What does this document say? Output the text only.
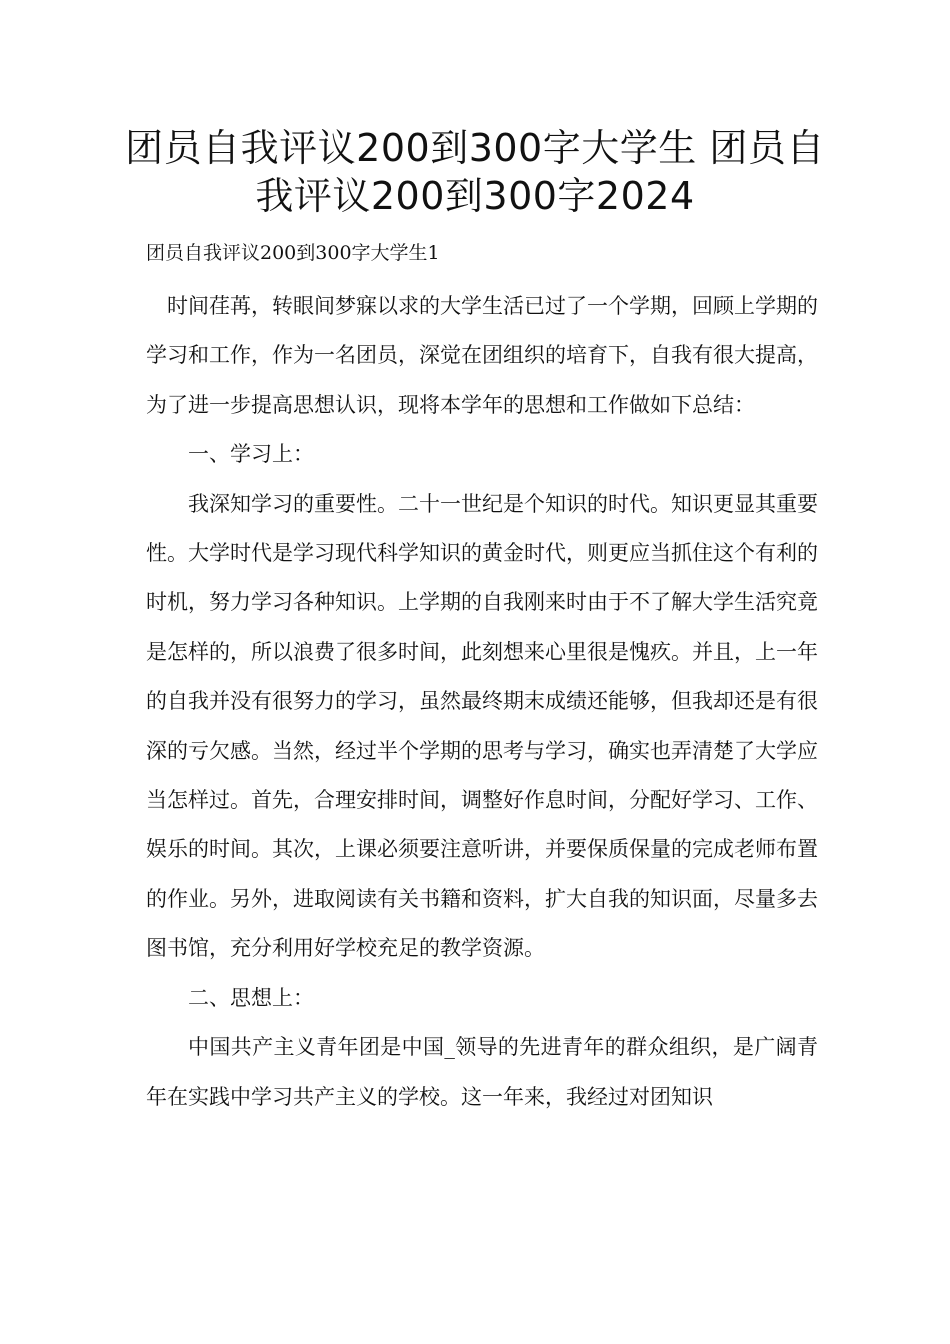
团员自我评议200到300字大学生 团员自我评议200到300字2024

团员自我评议200到300字大学生1

时间荏苒，转眼间梦寐以求的大学生活已过了一个学期，回顾上学期的学习和工作，作为一名团员，深觉在团组织的培育下，自我有很大提高，为了进一步提高思想认识，现将本学年的思想和工作做如下总结：

一、学习上：

我深知学习的重要性。二十一世纪是个知识的时代。知识更显其重要性。大学时代是学习现代科学知识的黄金时代，则更应当抓住这个有利的时机，努力学习各种知识。上学期的自我刚来时由于不了解大学生活究竟是怎样的，所以浪费了很多时间，此刻想来心里很是愧疚。并且，上一年的自我并没有很努力的学习，虽然最终期末成绩还能够，但我却还是有很深的亏欠感。当然，经过半个学期的思考与学习，确实也弄清楚了大学应当怎样过。首先，合理安排时间，调整好作息时间，分配好学习、工作、娱乐的时间。其次，上课必须要注意听讲，并要保质保量的完成老师布置的作业。另外，进取阅读有关书籍和资料，扩大自我的知识面，尽量多去图书馆，充分利用好学校充足的教学资源。

二、思想上：

中国共产主义青年团是中国_领导的先进青年的群众组织，是广阔青年在实践中学习共产主义的学校。这一年来，我经过对团知识
